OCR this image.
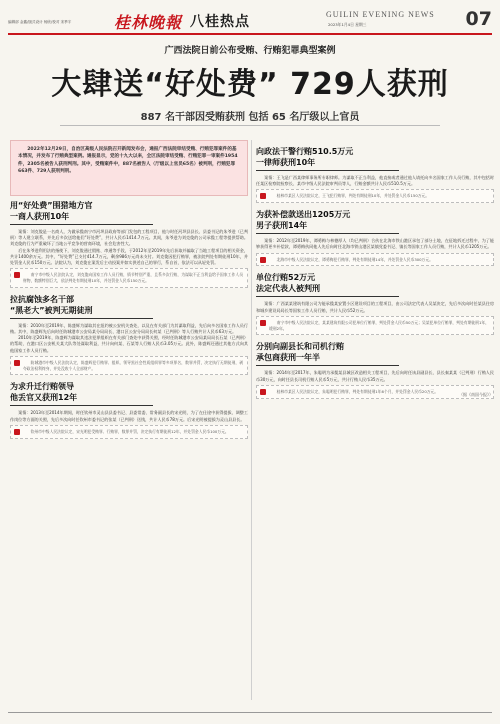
编辑部 金鑫/版式设计 杨欣/校对 宋季宇	桂林晚報 八桂热点	GUILIN EVENING NEWS
2023年1月4日 星期三	07
广西法院日前公布受贿、行贿犯罪典型案例
大肆送“好处费” 729人获刑
887 名干部因受贿获刑 包括 65 名厅级以上官员

2022年12月29日，自治区高级人民法院召开新闻发布会，通报广西法院审结受贿、行贿犯罪案件的基本情况，并发布了行贿典型案例。通报显示，党的十九大以来，全区法院审结受贿、行贿犯罪一审案件1954件，2305名被告人获刑判刑。其中，受贿案件中，887名被告人（厅级以上官员65名）被判刑，行贿犯罪663件、729人获刑判刑。

用“好处费”围猎地方官
一商人获刑10年

案情：刘克俊是一名商人，为做承揽南宁市河坝县政府等部门发包的工程项目，他与时任河坝县县长、县委书记的朱爷进（已判刑）等人建立联系，并先后多次送给他们“好处费”，共计人民币1414.7万元。其间，朱爷进为刘克俊的公司承揽工程等提供帮助。刘克俊的行为严重破坏了当地公平竞争的营商环境，社会危害性大。

后在朱爷进利用法的指使下，刘克俊通过假账、串通等手段，于2012年至2019年先后获取并骗取了当地工程项目的相关资金，共计1400余万元。其中，“好处费”已支付414.7万元，剩余986万元尚未支付。刘克俊因犯行贿罪，被法院判处有期徒刑10年，并处罚金人民币150万元。法院认为，刘克俊在案发后主动投案并如实供述自己的罪行，系自首，依法可以从轻处罚。

南宁市中级人民法院认定，刘克俊向国家工作人员行贿，情节特别严重，且系多次行贿，为谋取不正当利益给予国家工作人员财物，数额特别巨大，依法判处有期徒刑10年，并处罚金人民币150万元。

拉抗腐蚀多名干部
“黑老大”被判无期徒刑

案情：2010年至2019年，陈盛辉为谋取其在纽约被公安机关查处，以及在有关部门为其谋取利益，先后向多名国家工作人员行贿。其中，陈盛辉先后向时任防城港市公安局某分局局长、港口区公安分局局长何某（已判刑）等人行贿共计人民币63万元。

2010年至2019年，陈盛辉为谋取其违法犯罪组织在有关部门查处中获得关照，经时任防城港市公安局某局局长石某（已判刑）的帮助，在港口区公安机关某大队等处谋取利益，共计向何某、石某等人行贿人民币3.05万元。此外，陈盛辉还通过其他方式向其他国家工作人员行贿。

防城港市中级人民法院认定，陈盛辉犯行贿罪、组织、领导黑社会性质组织罪等多项罪名，数罪并罚，决定执行无期徒刑，剥夺政治权利终身，并处没收个人全部财产。

为求升迁行贿领导
他丢官又获刑12年

案情：2013年至2014年期间，时任钦州市灵山县县委书记、县委常委、常务副县长的宋光明，为了在仕途中获得提拔、调整工作岗位等方面的关照，先后多次向时任钦州市委书记的张某（已判刑）送钱，共计人民币78万元。后宋光明被提拔为灵山县县长。

钦州市中级人民法院认定，宋光明犯受贿罪、行贿罪，数罪并罚，决定执行有期徒刑12年，并处罚金人民币100万元。

向政法干警行贿510.5万元
一律师获刑10年

案情：王飞是广西某律师事务所专职律师。为谋取不正当利益，他直接或者通过他人请托向多名国家工作人员行贿，其中包括时任某区检察院检察长、某市中级人民法院审判员等人，行贿金额共计人民币510.5万元。

桂林市某区人民法院认定，王飞犯行贿罪，判处有期徒刑10年，并处罚金人民币150万元。

为获补偿款送出1205万元
男子获刑14年

案情：2012年至2019年，谭勇梅与林德厚人（均已判刑）合伙在北海市铁山港区承包了部分土地，在征地拆迁过程中，为了能够获得更多补偿款，谭勇梅伙同他人先后向时任北海市铁山港区某镇党委书记、镇长等国家工作人员行贿，共计人民币1205万元。

北海市中级人民法院认定，谭勇梅犯行贿罪，判处有期徒刑14年，并处罚金人民币300万元。

单位行贿52万元
法定代表人被判刑

案情：广西某某建筑有限公司为能承揽某安置小区建设项目的工程项目，由公司法定代表人吴某决定，先后多次向时任某县住房和城乡建设局局长等国家工作人员行贿，共计人民币52万元。

南宁市中级人民法院认定，某某建筑有限公司犯单位行贿罪，判处罚金人民币50万元；吴某犯单位行贿罪，判处有期徒刑1年，缓刑2年。

分别向副县长和司机行贿
承包商获刑一年半

案情：2014年至2017年，朱聪明为承揽某县城区改造相关工程项目，先后向时任该县副县长、县长秦某某（已判刑）行贿人民币30万元，向时任县长司机行贿人民币5万元，共计行贿人民币35万元。

桂林市某区人民法院认定，朱聪明犯行贿罪，判处有期徒刑1年6个月，并处罚金人民币20万元。

（据《南国今报》）
